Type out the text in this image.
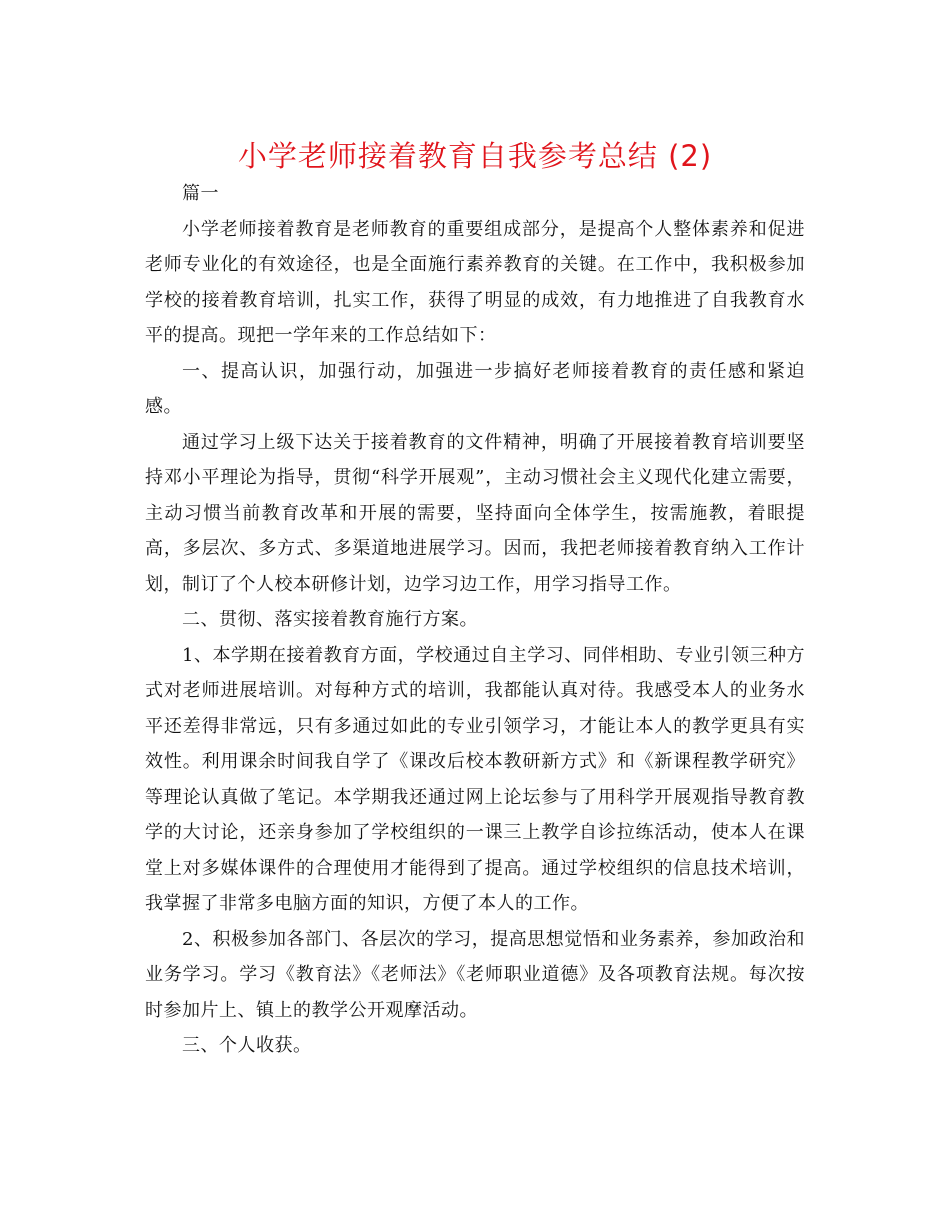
小学老师接着教育自我参考总结 (2)

篇一

小学老师接着教育是老师教育的重要组成部分，是提高个人整体素养和促进老师专业化的有效途径，也是全面施行素养教育的关键。在工作中，我积极参加学校的接着教育培训，扎实工作，获得了明显的成效，有力地推进了自我教育水平的提高。现把一学年来的工作总结如下：

一、提高认识，加强行动，加强进一步搞好老师接着教育的责任感和紧迫感。

通过学习上级下达关于接着教育的文件精神，明确了开展接着教育培训要坚持邓小平理论为指导，贯彻“科学开展观”，主动习惯社会主义现代化建立需要，主动习惯当前教育改革和开展的需要，坚持面向全体学生，按需施教，着眼提高，多层次、多方式、多渠道地进展学习。因而，我把老师接着教育纳入工作计划，制订了个人校本研修计划，边学习边工作，用学习指导工作。

二、贯彻、落实接着教育施行方案。

1、本学期在接着教育方面，学校通过自主学习、同伴相助、专业引领三种方式对老师进展培训。对每种方式的培训，我都能认真对待。我感受本人的业务水平还差得非常远，只有多通过如此的专业引领学习，才能让本人的教学更具有实效性。利用课余时间我自学了《课改后校本教研新方式》和《新课程教学研究》等理论认真做了笔记。本学期我还通过网上论坛参与了用科学开展观指导教育教学的大讨论，还亲身参加了学校组织的一课三上教学自诊拉练活动，使本人在课堂上对多媒体课件的合理使用才能得到了提高。通过学校组织的信息技术培训，我掌握了非常多电脑方面的知识，方便了本人的工作。

2、积极参加各部门、各层次的学习，提高思想觉悟和业务素养，参加政治和业务学习。学习《教育法》《老师法》《老师职业道德》及各项教育法规。每次按时参加片上、镇上的教学公开观摩活动。

三、个人收获。
